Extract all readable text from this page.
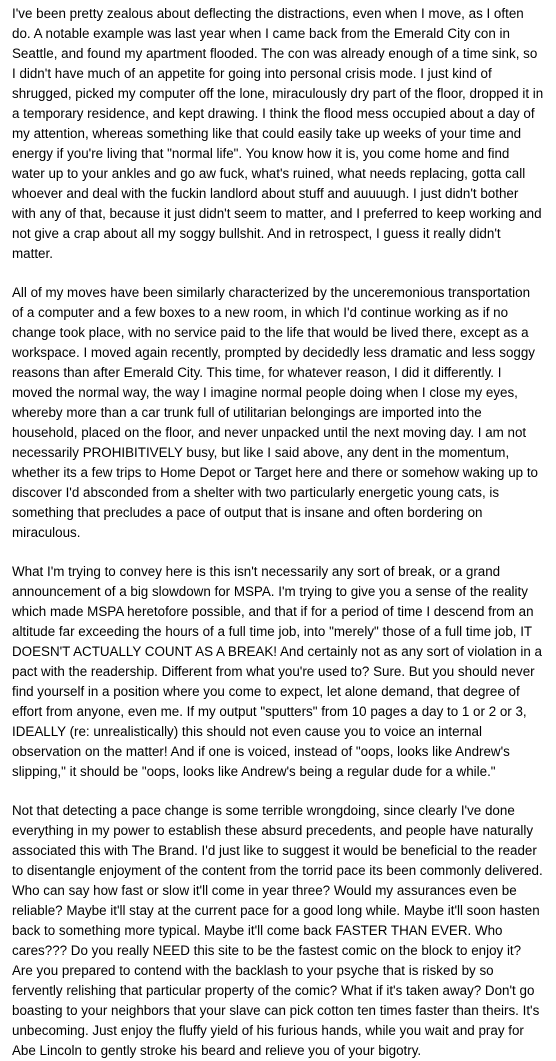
I've been pretty zealous about deflecting the distractions, even when I move, as I often do. A notable example was last year when I came back from the Emerald City con in Seattle, and found my apartment flooded. The con was already enough of a time sink, so I didn't have much of an appetite for going into personal crisis mode. I just kind of shrugged, picked my computer off the lone, miraculously dry part of the floor, dropped it in a temporary residence, and kept drawing. I think the flood mess occupied about a day of my attention, whereas something like that could easily take up weeks of your time and energy if you're living that "normal life". You know how it is, you come home and find water up to your ankles and go aw fuck, what's ruined, what needs replacing, gotta call whoever and deal with the fuckin landlord about stuff and auuuugh. I just didn't bother with any of that, because it just didn't seem to matter, and I preferred to keep working and not give a crap about all my soggy bullshit. And in retrospect, I guess it really didn't matter.

All of my moves have been similarly characterized by the unceremonious transportation of a computer and a few boxes to a new room, in which I'd continue working as if no change took place, with no service paid to the life that would be lived there, except as a workspace. I moved again recently, prompted by decidedly less dramatic and less soggy reasons than after Emerald City. This time, for whatever reason, I did it differently. I moved the normal way, the way I imagine normal people doing when I close my eyes, whereby more than a car trunk full of utilitarian belongings are imported into the household, placed on the floor, and never unpacked until the next moving day. I am not necessarily PROHIBITIVELY busy, but like I said above, any dent in the momentum, whether its a few trips to Home Depot or Target here and there or somehow waking up to discover I'd absconded from a shelter with two particularly energetic young cats, is something that precludes a pace of output that is insane and often bordering on miraculous.

What I'm trying to convey here is this isn't necessarily any sort of break, or a grand announcement of a big slowdown for MSPA. I'm trying to give you a sense of the reality which made MSPA heretofore possible, and that if for a period of time I descend from an altitude far exceeding the hours of a full time job, into "merely" those of a full time job, IT DOESN'T ACTUALLY COUNT AS A BREAK! And certainly not as any sort of violation in a pact with the readership. Different from what you're used to? Sure. But you should never find yourself in a position where you come to expect, let alone demand, that degree of effort from anyone, even me. If my output "sputters" from 10 pages a day to 1 or 2 or 3, IDEALLY (re: unrealistically) this should not even cause you to voice an internal observation on the matter! And if one is voiced, instead of "oops, looks like Andrew's slipping," it should be "oops, looks like Andrew's being a regular dude for a while."

Not that detecting a pace change is some terrible wrongdoing, since clearly I've done everything in my power to establish these absurd precedents, and people have naturally associated this with The Brand. I'd just like to suggest it would be beneficial to the reader to disentangle enjoyment of the content from the torrid pace its been commonly delivered. Who can say how fast or slow it'll come in year three? Would my assurances even be reliable? Maybe it'll stay at the current pace for a good long while. Maybe it'll soon hasten back to something more typical. Maybe it'll come back FASTER THAN EVER. Who cares??? Do you really NEED this site to be the fastest comic on the block to enjoy it? Are you prepared to contend with the backlash to your psyche that is risked by so fervently relishing that particular property of the comic? What if it's taken away? Don't go boasting to your neighbors that your slave can pick cotton ten times faster than theirs. It's unbecoming. Just enjoy the fluffy yield of his furious hands, while you wait and pray for Abe Lincoln to gently stroke his beard and relieve you of your bigotry.
